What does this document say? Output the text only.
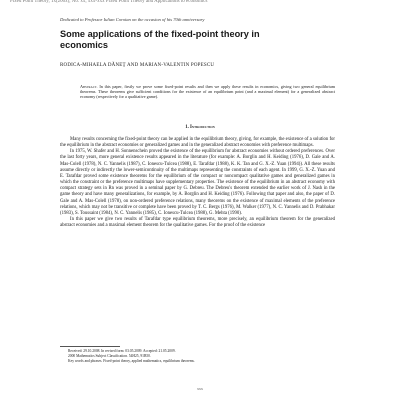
Fixed Point Theory, 1x(200x), No. xx, xxx-xxx Fixed Point Theory and Applications to economics
Dedicated to Professor Iulian Coroian on the occasion of his 70th anniversary
Some applications of the fixed-point theory in economics
RODICA-MIHAELA DĂNEŢ AND MARIAN-VALENTIN POPESCU

Abstract. In this paper, firstly we prove some fixed-point results and then we apply these results in economics, giving two general equilibrium theorems. These theorems give sufficient conditions for the existence of an equilibrium point (and a maximal element) for a generalized abstract economy (respectively for a qualitative game).

1. Introduction

Many results concerning the fixed-point theory can be applied in the equilibrium theory, giving, for example, the existence of a solution for the equilibrium in the abstract economies or generalized games and in the generalized abstract economies with preference multimaps.

In 1975, W. Shafer and H. Sonnenschein proved the existence of the equilibrium for abstract economies without ordered preferences. Over the last forty years, more general existence results appeared in the literature (for example: A. Borglin and H. Keiding (1976), D. Gale and A. Mas-Colell (1978), N. C. Yannelis (1987), C. Ionescu-Tulcea (1988), E. Tarafdar (1988), K. K. Tan and G. X.-Z. Yuan (1994)). All these results assume directly or indirectly the lower-semicontinuity of the multimaps representing the constraints of each agent. In 1999, G. X.-Z. Yuan and E. Tarafdar proved some existence theorems for the equilibrium of the compact or noncompact qualitative games and generalized games in which the constraint or the preference multimaps have supplementary properties. The existence of the equilibrium in an abstract economy with compact strategy sets in Rn was proved in a seminal paper by G. Debreu. The Debreu's theorem extended the earlier work of J. Nash in the game theory and have many generalizations, for example, by A. Borglin and H. Keiding (1976). Following that paper and also, the paper of D. Gale and A. Mas-Colell (1978), on non-ordered preference relations, many theorems on the existence of maximal elements of the preference relations, which may not be transitive or complete have been proved by T. C. Bergs (1976), M. Walker (1977), N. C. Yannelis and D. Prabhakar (1983), S. Toussaint (1984), N. C. Yannelis (1985), C. Ionescu-Tulcea (1988), G. Mehta (1990).

In this paper we give two results of Tarafdar type equilibrium theorems, more precisely, an equilibrium theorem for the generalized abstract economies and a maximal element theorem for the qualitative games. For the proof of the existence

Received: 29.10.2008. In revised form: 03.05.2009. Accepted: 21.05.2009.
2000 Mathematics Subject Classification. 54H25, 91B50.
Key words and phrases. Fixed-point theory, applied mathematics, equilibrium theorems.
xxx
